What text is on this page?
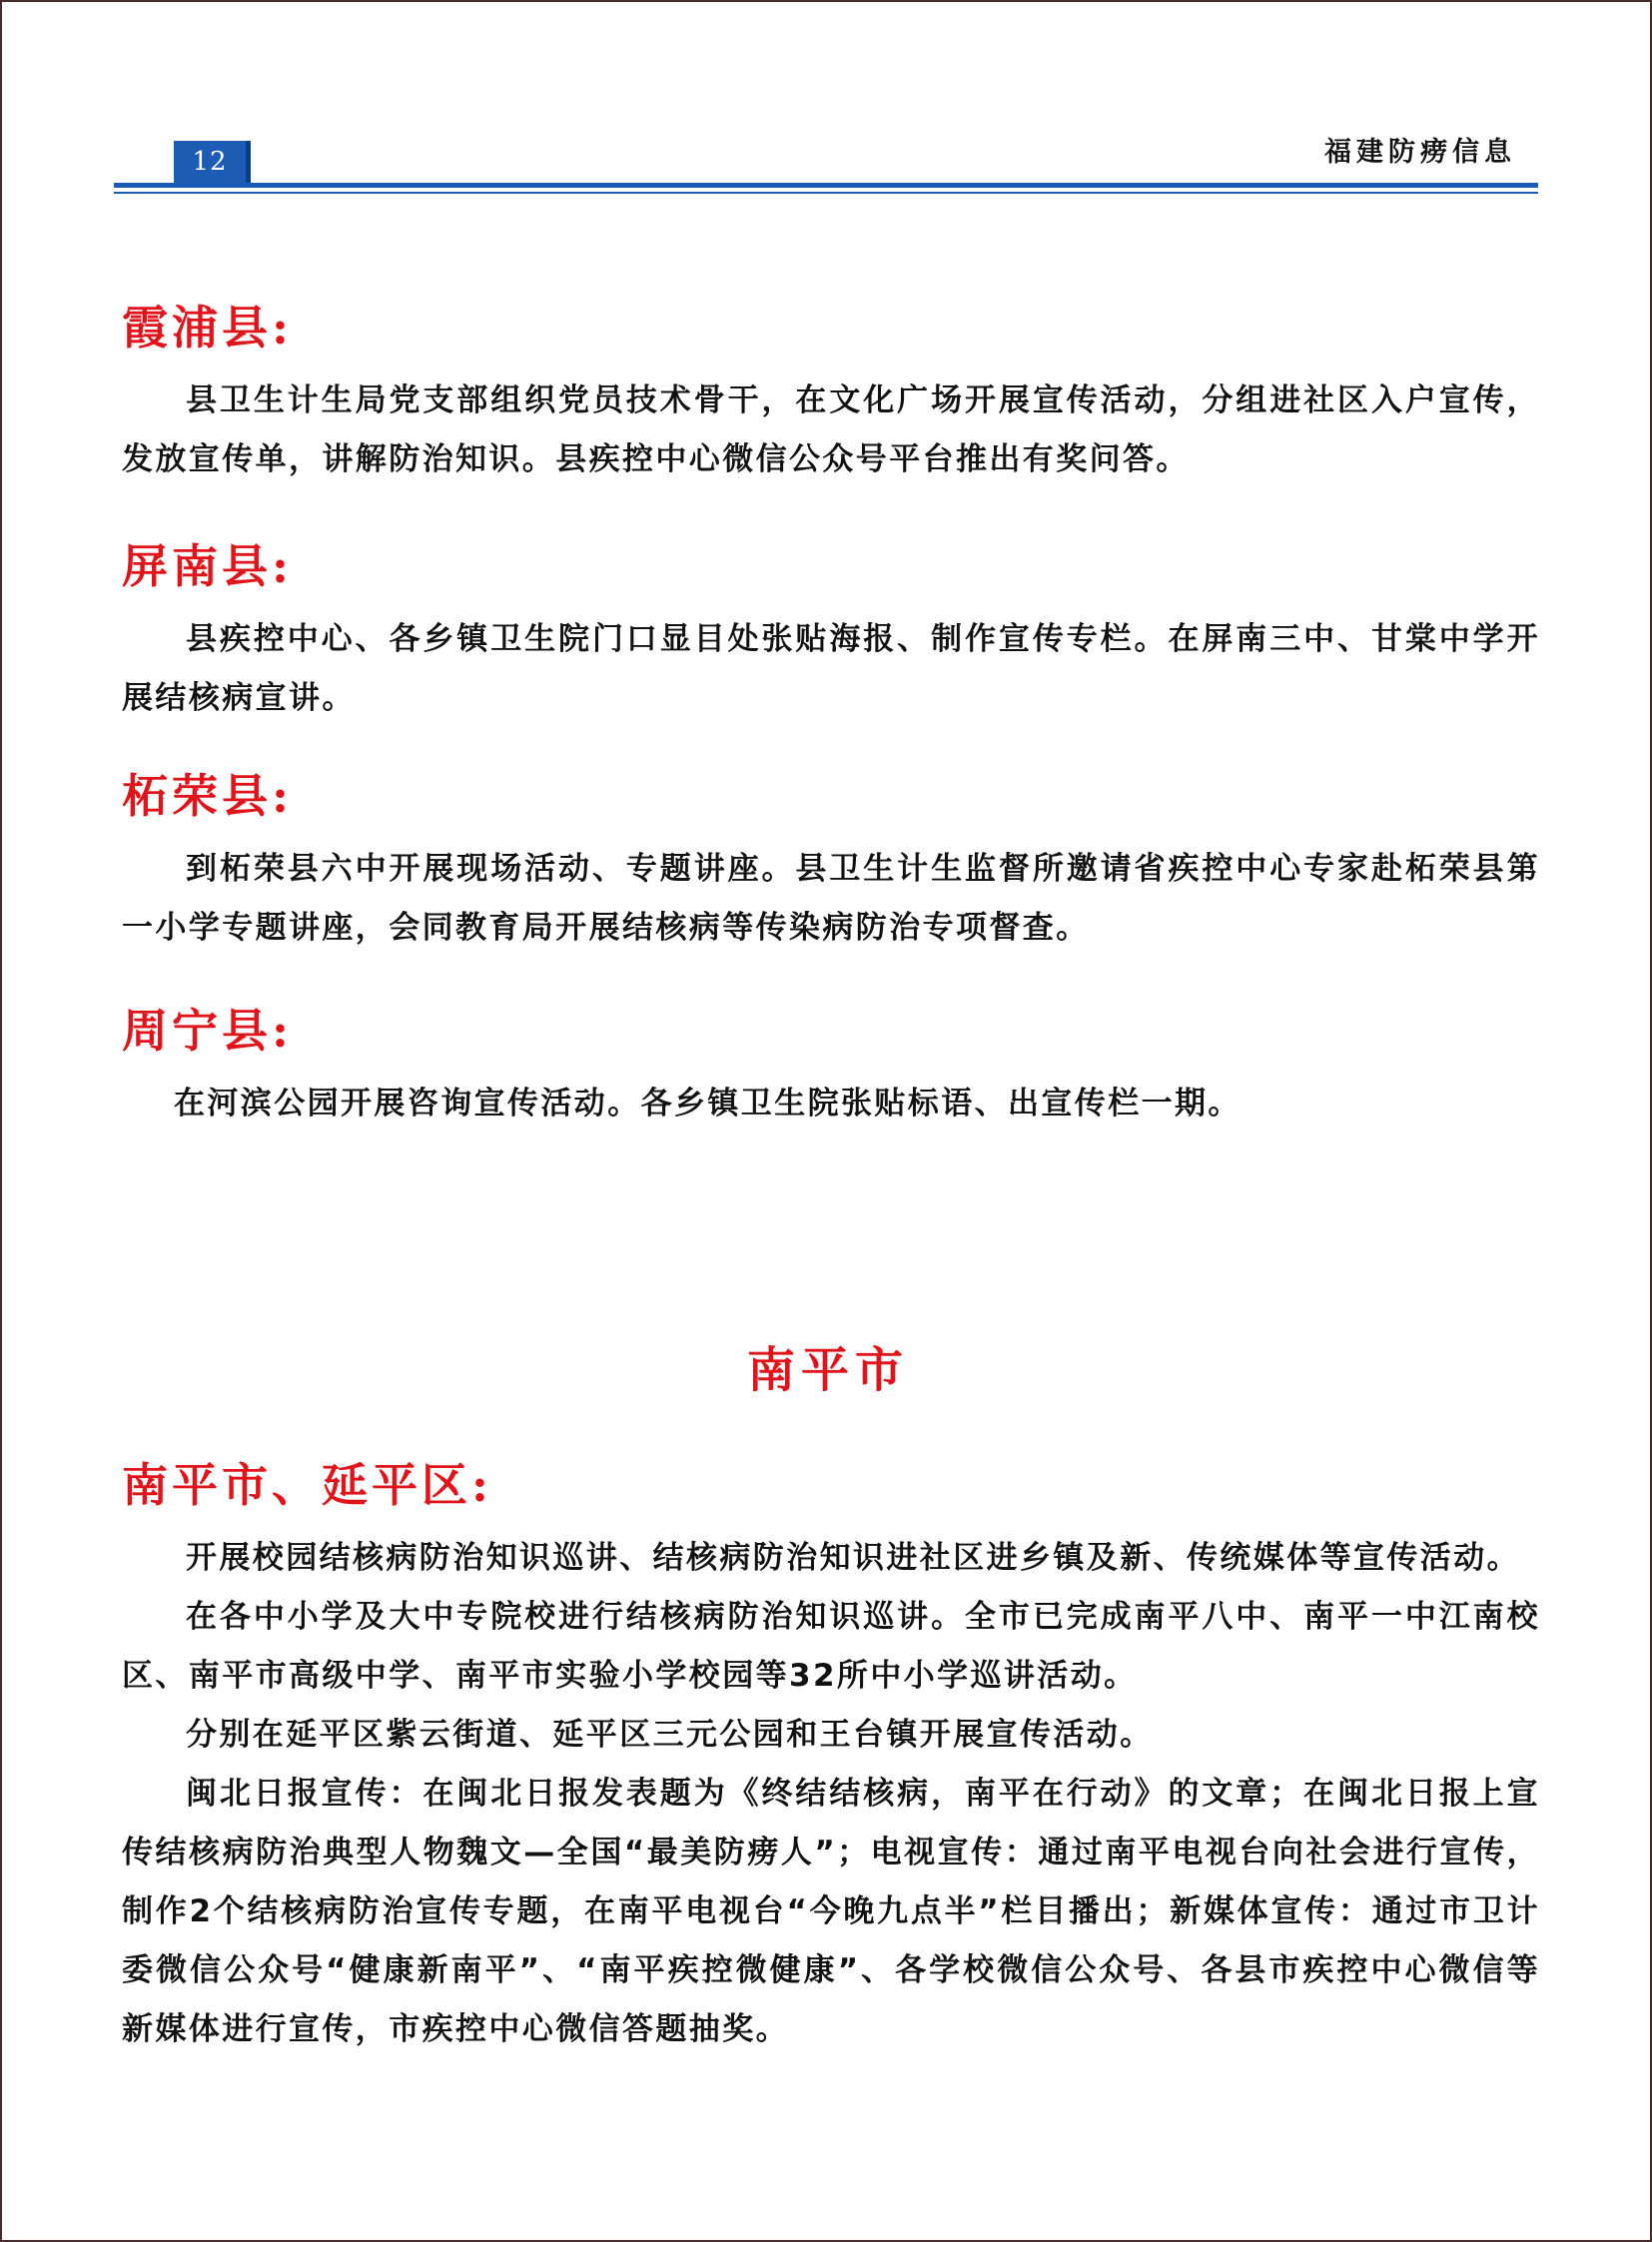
12	福建防痨信息
霞浦县:

县卫生计生局党支部组织党员技术骨干，在文化广场开展宣传活动，分组进社区入户宣传，发放宣传单，讲解防治知识。县疾控中心微信公众号平台推出有奖问答。

屏南县:

县疾控中心、各乡镇卫生院门口显目处张贴海报、制作宣传专栏。在屏南三中、甘棠中学开展结核病宣讲。

柘荣县:

到柘荣县六中开展现场活动、专题讲座。县卫生计生监督所邀请省疾控中心专家赴柘荣县第一小学专题讲座，会同教育局开展结核病等传染病防治专项督查。

周宁县:

在河滨公园开展咨询宣传活动。各乡镇卫生院张贴标语、出宣传栏一期。

南平市
南平市、延平区:

开展校园结核病防治知识巡讲、结核病防治知识进社区进乡镇及新、传统媒体等宣传活动。

在各中小学及大中专院校进行结核病防治知识巡讲。全市已完成南平八中、南平一中江南校区、南平市高级中学、南平市实验小学校园等32所中小学巡讲活动。

分别在延平区紫云街道、延平区三元公园和王台镇开展宣传活动。

闽北日报宣传：在闽北日报发表题为《终结结核病，南平在行动》的文章；在闽北日报上宣传结核病防治典型人物魏文—全国“最美防痨人”；电视宣传：通过南平电视台向社会进行宣传，制作2个结核病防治宣传专题，在南平电视台“今晚九点半”栏目播出；新媒体宣传：通过市卫计委微信公众号“健康新南平”、“南平疾控微健康”、各学校微信公众号、各县市疾控中心微信等新媒体进行宣传，市疾控中心微信答题抽奖。
